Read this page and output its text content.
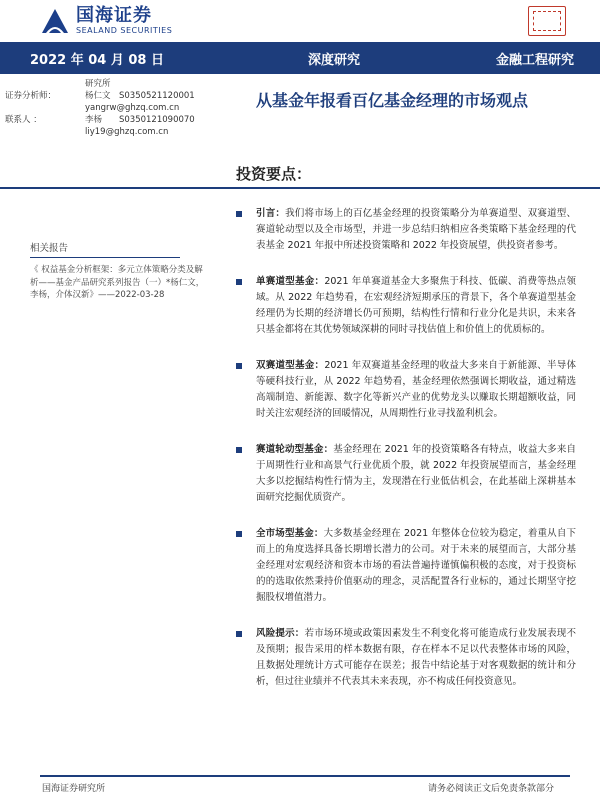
国海证券
SEALAND SECURITIES
2022 年 04 月 08 日	深度研究	金融工程研究
研究所
证券分析师：	杨仁文 S0350521120001
yangrw@ghzq.com.cn
联系人 ：	李杨	S0350121090070
liy19@ghzq.com.cn
从基金年报看百亿基金经理的市场观点
投资要点：
相关报告
《 权益基金分析框架：多元立体策略分类及解析——基金产品研究系列报告（一）*杨仁文，李杨，介体汉新》——2022-03-28
引言：我们将市场上的百亿基金经理的投资策略分为单赛道型、双赛道型、赛道轮动型以及全市场型，并进一步总结归纳相应各类策略下基金经理的代表基金 2021 年报中所述投资策略和 2022 年投资展望，供投资者参考。
单赛道型基金：2021 年单赛道基金大多聚焦于科技、低碳、消费等热点领域。从 2022 年趋势看，在宏观经济短期承压的背景下，各个单赛道型基金经理仍为长期的经济增长仍可预期，结构性行情和行业分化是共识，未来各只基金都将在其优势领域深耕的同时寻找估值上和价值上的优质标的。
双赛道型基金：2021 年双赛道基金经理的收益大多来自于新能源、半导体等硬科技行业，从 2022 年趋势看，基金经理依然强调长期收益，通过精选高端制造、新能源、数字化等新兴产业的优势龙头以赚取长期超额收益，同时关注宏观经济的回暖情况，从周期性行业寻找盈利机会。
赛道轮动型基金：基金经理在 2021 年的投资策略各有特点，收益大多来自于周期性行业和高景气行业优质个股，就 2022 年投资展望而言，基金经理大多以挖掘结构性行情为主，发现潜在行业低估机会，在此基础上深耕基本面研究挖掘优质资产。
全市场型基金：大多数基金经理在 2021 年整体仓位较为稳定，着重从自下而上的角度选择具备长期增长潜力的公司。对于未来的展望而言，大部分基金经理对宏观经济和资本市场的看法普遍持谨慎偏积极的态度，对于投资标的的选取依然秉持价值驱动的理念，灵活配置各行业标的，通过长期坚守挖掘股权增值潜力。
风险提示：若市场环境或政策因素发生不利变化将可能造成行业发展表现不及预期；报告采用的样本数据有限，存在样本不足以代表整体市场的风险，且数据处理统计方式可能存在误差；报告中结论基于对客观数据的统计和分析，但过往业绩并不代表其未来表现，亦不构成任何投资意见。
国海证券研究所	请务必阅读正文后免责条款部分
